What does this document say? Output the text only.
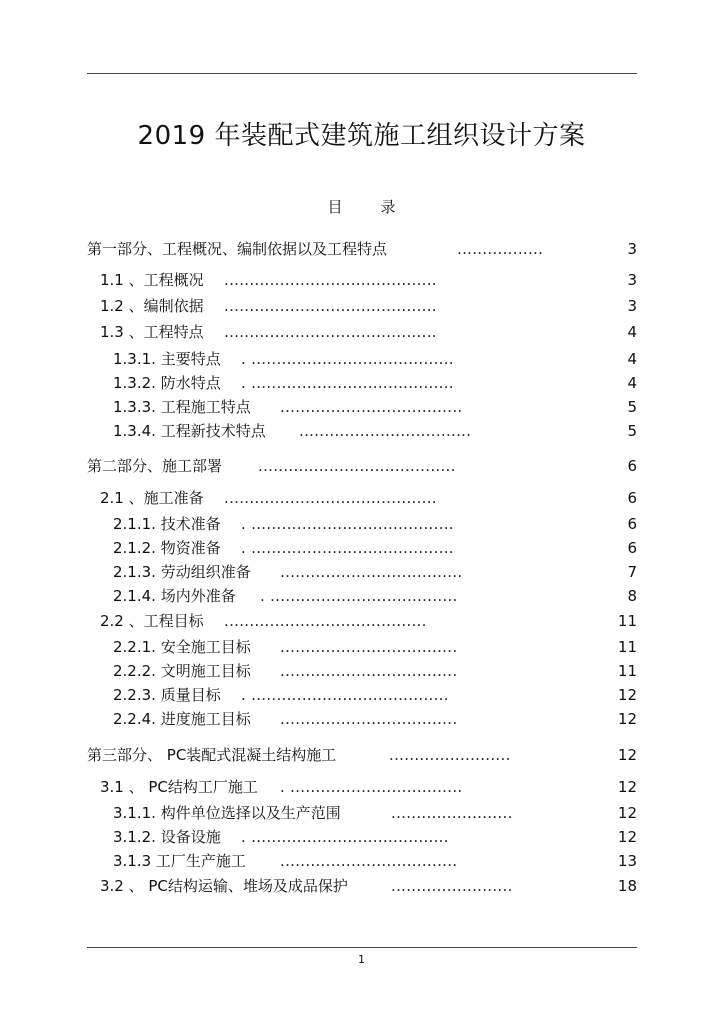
2019 年装配式建筑施工组织设计方案
目	录
第一部分、工程概况、编制依据以及工程特点	.................	3
1.1 、工程概况 ..........................................	3
1.2 、编制依据 ..........................................	3
1.3 、工程特点 ..........................................	4
1.3.1. 主要特点 . ........................................	4
1.3.2. 防水特点 . ........................................	4
1.3.3. 工程施工特点 ....................................	5
1.3.4. 工程新技术特点 ..................................	5
第二部分、施工部署 .......................................	6
2.1 、施工准备 ..........................................	6
2.1.1. 技术准备 . ........................................	6
2.1.2. 物资准备 . ........................................	6
2.1.3. 劳动组织准备 ....................................	7
2.1.4. 场内外准备 . .....................................	8
2.2 、工程目标 ........................................	11
2.2.1. 安全施工目标 ...................................	11
2.2.2. 文明施工目标 ...................................	11
2.2.3. 质量目标 . .......................................	12
2.2.4. 进度施工目标 ...................................	12
第三部分、 PC装配式混凝土结构施工	........................	12
3.1 、 PC结构工厂施工 . ..................................	12
3.1.1. 构件单位选择以及生产范围	........................	12
3.1.2. 设备设施 . .......................................	12
3.1.3 工厂生产施工 ...................................	13
3.2 、 PC结构运输、堆场及成品保护	........................	18
1
